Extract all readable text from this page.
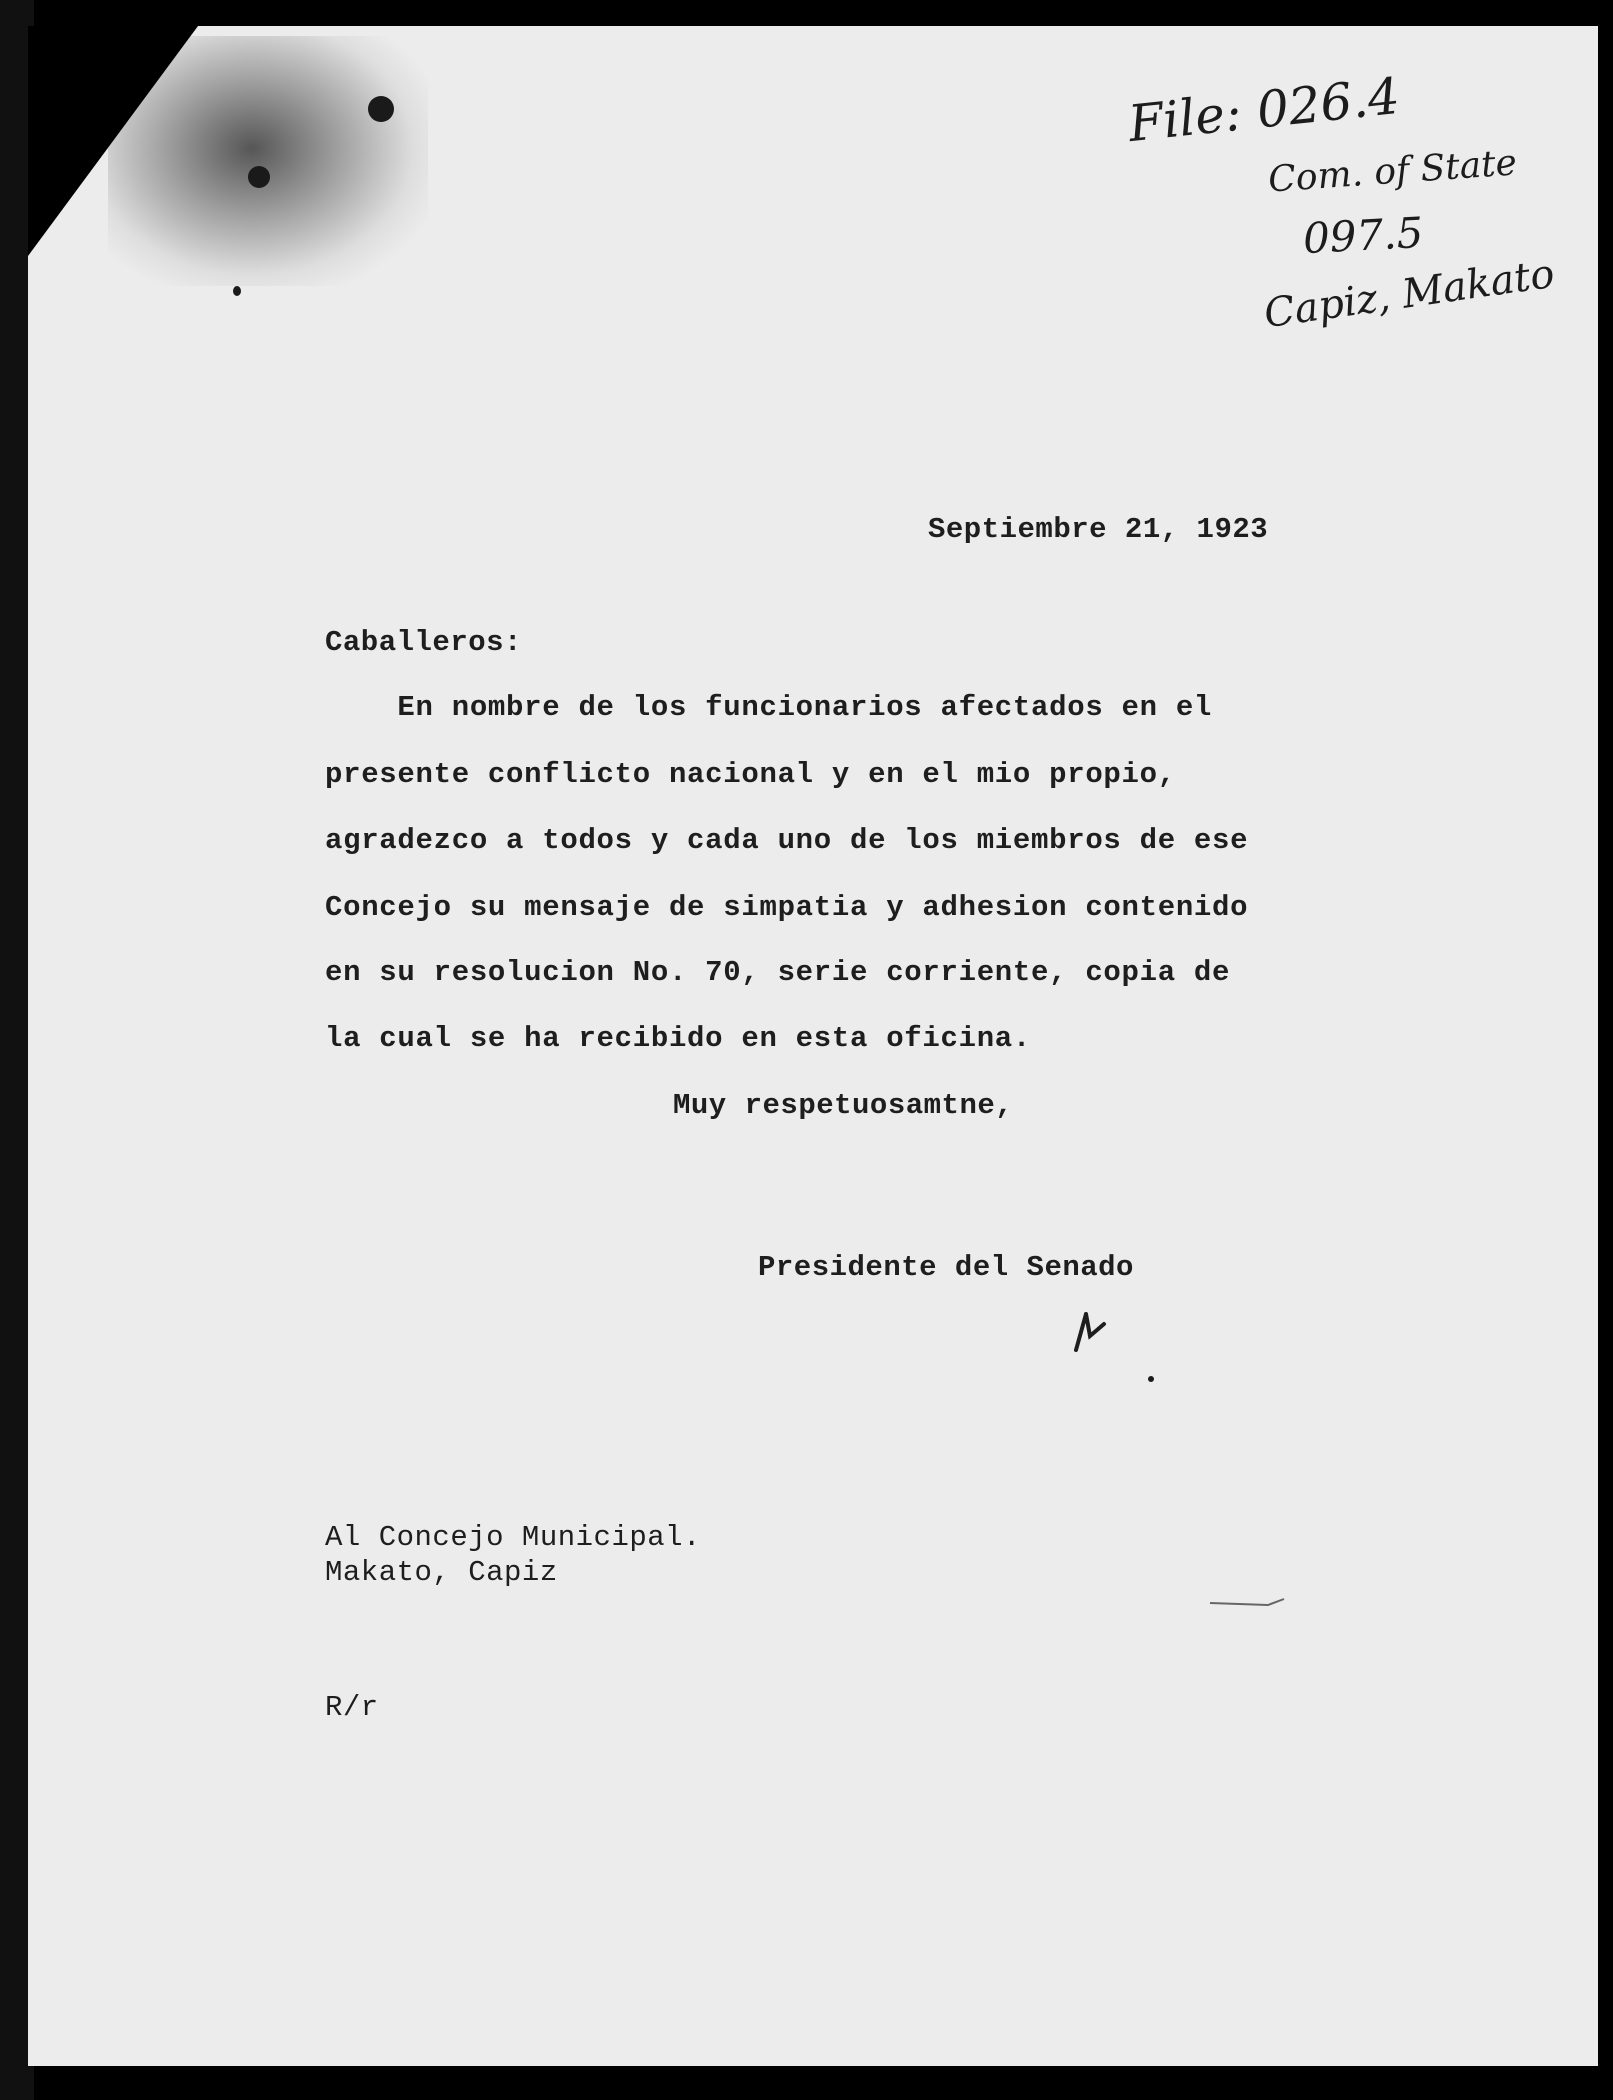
File: 026.4

Com. of State

097.5

Capiz, Makato

Septiembre 21, 1923

Caballeros:

En nombre de los funcionarios afectados en el

presente conflicto nacional y en el mio propio,

agradezco a todos y cada uno de los miembros de ese

Concejo su mensaje de simpatia y adhesion contenido

en su resolucion No. 70, serie corriente, copia de

la cual se ha recibido en esta oficina.

Muy respetuosamtne,

Presidente del Senado

Al Concejo Municipal.

Makato, Capiz

R/r
